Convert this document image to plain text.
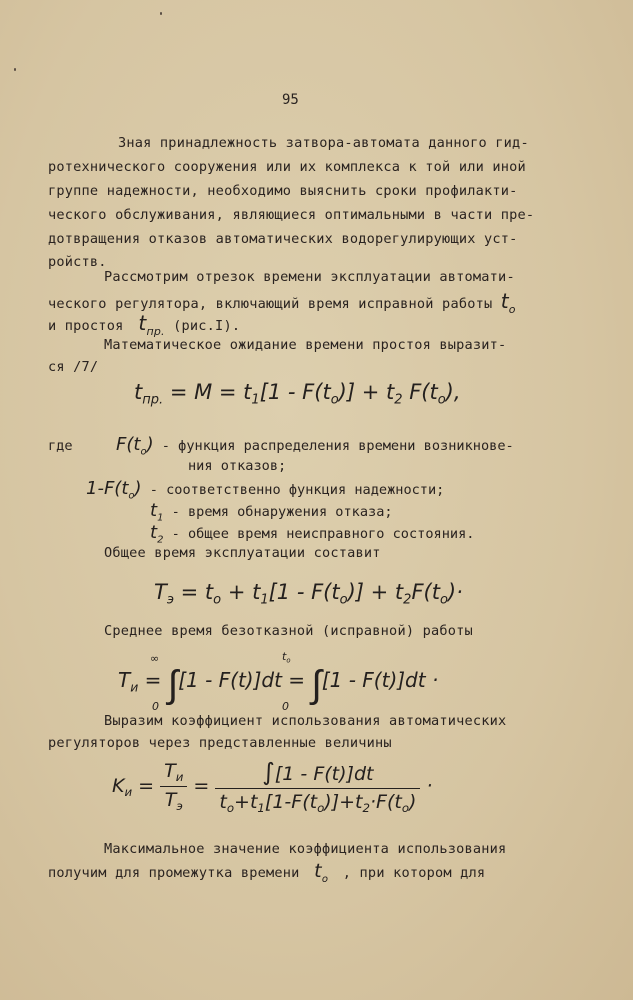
95
Зная принадлежность затвора-автомата данного гид-
ротехнического сооружения или их комплекса к той или иной
группе надежности, необходимо выяснить сроки профилакти-
ческого обслуживания, являющиеся оптимальными в части пре-
дотвращения отказов автоматических водорегулирующих уст-
ройств.
Рассмотрим отрезок времени эксплуатации автомати-
ческого регулятора, включающий время исправной работы $t_o$
и простоя  $t_{пр.}$ (рис.I).
Математическое ожидание времени простоя выразит-
ся /7/
$t_{пр.} = M = t_1[1 - F(t_o)] + t_2$ $F(t_o)$,
где $F(t_o)$ - функция распределения времени возникнове-
ния отказов;
$1-F(t_o)$ - соответственно функция надежности;
$t_1$ - время обнаружения отказа;
$t_2$ - общее время неисправного состояния.
Общее время эксплуатации составит
$T_э = t_o + t_1[1 - F(t_o)] + t_2F(t_o)\cdot$
Среднее время безотказной (исправной) работы
$T_и = \int[1 - F(t)]dt = \int[1 - F(t)]dt$ ·
∞
0
$t_o$
0
Выразим коэффициент использования автоматических
регуляторов через представленные величины
$K_и = \frac{T_и}{T_э} = \frac{\int[1 - F(t)]dt}{t_o+t_1[1-F(t_o)]+t_2\cdot F(t_o)}$ ·
Максимальное значение коэффициента использования
получим для промежутка времени  $t_o$ , при котором для
